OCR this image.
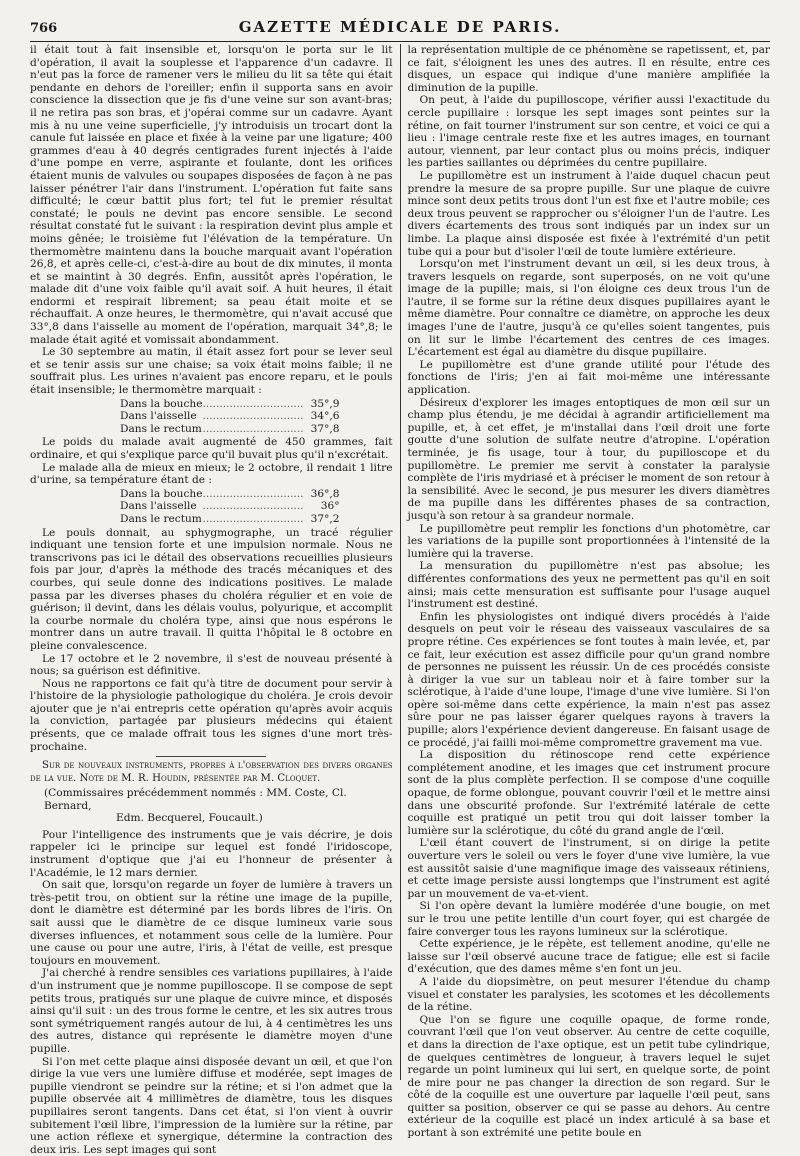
766	GAZETTE MÉDICALE DE PARIS.

il était tout à fait insensible et, lorsqu'on le porta sur le lit d'opération, il avait la souplesse et l'apparence d'un cadavre. Il n'eut pas la force de ramener vers le milieu du lit sa tête qui était pendante en dehors de l'oreiller; enfin il supporta sans en avoir conscience la dissection que je fis d'une veine sur son avant-bras; il ne retira pas son bras, et j'opérai comme sur un cadavre. Ayant mis à nu une veine superficielle, j'y introduisis un trocart dont la canule fut laissée en place et fixée à la veine par une ligature; 400 grammes d'eau à 40 degrés centigrades furent injectés à l'aide d'une pompe en verre, aspirante et foulante, dont les orifices étaient munis de valvules ou soupapes disposées de façon à ne pas laisser pénétrer l'air dans l'instrument. L'opération fut faite sans difficulté; le cœur battit plus fort; tel fut le premier résultat constaté; le pouls ne devint pas encore sensible. Le second résultat constaté fut le suivant : la respiration devint plus ample et moins gênée; le troisième fut l'élévation de la température. Un thermomètre maintenu dans la bouche marquait avant l'opération 26,8, et après celle-ci, c'est-à-dire au bout de dix minutes, il monta et se maintint à 30 degrés. Enfin, aussitôt après l'opération, le malade dit d'une voix faible qu'il avait soif. A huit heures, il était endormi et respirait librement; sa peau était moite et se réchauffait. A onze heures, le thermomètre, qui n'avait accusé que 33°,8 dans l'aisselle au moment de l'opération, marquait 34°,8; le malade était agité et vomissait abondamment.

Le 30 septembre au matin, il était assez fort pour se lever seul et se tenir assis sur une chaise; sa voix était moins faible; il ne souffrait plus. Les urines n'avaient pas encore reparu, et le pouls était insensible; le thermomètre marquait :

Dans la bouche	..............................	35°,9
Dans l'aisselle	..............................	34°,6
Dans le rectum	..............................	37°,8

Le poids du malade avait augmenté de 450 grammes, fait ordinaire, et qui s'explique parce qu'il buvait plus qu'il n'excrétait.

Le malade alla de mieux en mieux; le 2 octobre, il rendait 1 litre d'urine, sa température étant de :

Dans la bouche	..............................	36°,8
Dans l'aisselle	..............................	36°
Dans le rectum	..............................	37°,2

Le pouls donnait, au sphygmographe, un tracé régulier indiquant une tension forte et une impulsion normale. Nous ne transcrivons pas ici le détail des observations recueillies plusieurs fois par jour, d'après la méthode des tracés mécaniques et des courbes, qui seule donne des indications positives. Le malade passa par les diverses phases du choléra régulier et en voie de guérison; il devint, dans les délais voulus, polyurique, et accomplit la courbe normale du choléra type, ainsi que nous espérons le montrer dans un autre travail. Il quitta l'hôpital le 8 octobre en pleine convalescence.

Le 17 octobre et le 2 novembre, il s'est de nouveau présenté à nous; sa guérison est définitive.

Nous ne rapportons ce fait qu'à titre de document pour servir à l'histoire de la physiologie pathologique du choléra. Je crois devoir ajouter que je n'ai entrepris cette opération qu'après avoir acquis la conviction, partagée par plusieurs médecins qui étaient présents, que ce malade offrait tous les signes d'une mort très-prochaine.

Sur de nouveaux instruments, propres à l'observation des divers organes de la vue. Note de M. R. Houdin, présentée par M. Cloquet.

(Commissaires précédemment nommés : MM. Coste, Cl. Bernard,
Edm. Becquerel, Foucault.)

Pour l'intelligence des instruments que je vais décrire, je dois rappeler ici le principe sur lequel est fondé l'iridoscope, instrument d'optique que j'ai eu l'honneur de présenter à l'Académie, le 12 mars dernier.

On sait que, lorsqu'on regarde un foyer de lumière à travers un très-petit trou, on obtient sur la rétine une image de la pupille, dont le diamètre est déterminé par les bords libres de l'iris. On sait aussi que le diamètre de ce disque lumineux varie sous diverses influences, et notamment sous celle de la lumière. Pour une cause ou pour une autre, l'iris, à l'état de veille, est presque toujours en mouvement.

J'ai cherché à rendre sensibles ces variations pupillaires, à l'aide d'un instrument que je nomme pupilloscope. Il se compose de sept petits trous, pratiqués sur une plaque de cuivre mince, et disposés ainsi qu'il suit : un des trous forme le centre, et les six autres trous sont symétriquement rangés autour de lui, à 4 centimètres les uns des autres, distance qui représente le diamètre moyen d'une pupille.

Si l'on met cette plaque ainsi disposée devant un œil, et que l'on dirige la vue vers une lumière diffuse et modérée, sept images de pupille viendront se peindre sur la rétine; et si l'on admet que la pupille observée ait 4 millimètres de diamètre, tous les disques pupillaires seront tangents. Dans cet état, si l'on vient à ouvrir subitement l'œil libre, l'impression de la lumière sur la rétine, par une action réflexe et synergique, détermine la contraction des deux iris. Les sept images qui sont

la représentation multiple de ce phénomène se rapetissent, et, par ce fait, s'éloignent les unes des autres. Il en résulte, entre ces disques, un espace qui indique d'une manière amplifiée la diminution de la pupille.

On peut, à l'aide du pupilloscope, vérifier aussi l'exactitude du cercle pupillaire : lorsque les sept images sont peintes sur la rétine, on fait tourner l'instrument sur son centre, et voici ce qui a lieu : l'image centrale reste fixe et les autres images, en tournant autour, viennent, par leur contact plus ou moins précis, indiquer les parties saillantes ou déprimées du centre pupillaire.

Le pupillomètre est un instrument à l'aide duquel chacun peut prendre la mesure de sa propre pupille. Sur une plaque de cuivre mince sont deux petits trous dont l'un est fixe et l'autre mobile; ces deux trous peuvent se rapprocher ou s'éloigner l'un de l'autre. Les divers écartements des trous sont indiqués par un index sur un limbe. La plaque ainsi disposée est fixée à l'extrémité d'un petit tube qui a pour but d'isoler l'œil de toute lumière extérieure.

Lorsqu'on met l'instrument devant un œil, si les deux trous, à travers lesquels on regarde, sont superposés, on ne voit qu'une image de la pupille; mais, si l'on éloigne ces deux trous l'un de l'autre, il se forme sur la rétine deux disques pupillaires ayant le même diamètre. Pour connaître ce diamètre, on approche les deux images l'une de l'autre, jusqu'à ce qu'elles soient tangentes, puis on lit sur le limbe l'écartement des centres de ces images. L'écartement est égal au diamètre du disque pupillaire.

Le pupillomètre est d'une grande utilité pour l'étude des fonctions de l'iris; j'en ai fait moi-même une intéressante application.

Désireux d'explorer les images entoptiques de mon œil sur un champ plus étendu, je me décidai à agrandir artificiellement ma pupille, et, à cet effet, je m'installai dans l'œil droit une forte goutte d'une solution de sulfate neutre d'atropine. L'opération terminée, je fis usage, tour à tour, du pupilloscope et du pupillomètre. Le premier me servit à constater la paralysie complète de l'iris mydriasé et à préciser le moment de son retour à la sensibilité. Avec le second, je pus mesurer les divers diamètres de ma pupille dans les différentes phases de sa contraction, jusqu'à son retour à sa grandeur normale.

Le pupillomètre peut remplir les fonctions d'un photomètre, car les variations de la pupille sont proportionnées à l'intensité de la lumière qui la traverse.

La mensuration du pupillomètre n'est pas absolue; les différentes conformations des yeux ne permettent pas qu'il en soit ainsi; mais cette mensuration est suffisante pour l'usage auquel l'instrument est destiné.

Enfin les physiologistes ont indiqué divers procédés à l'aide desquels on peut voir le réseau des vaisseaux vasculaires de sa propre rétine. Ces expériences se font toutes à main levée, et, par ce fait, leur exécution est assez difficile pour qu'un grand nombre de personnes ne puissent les réussir. Un de ces procédés consiste à diriger la vue sur un tableau noir et à faire tomber sur la sclérotique, à l'aide d'une loupe, l'image d'une vive lumière. Si l'on opère soi-même dans cette expérience, la main n'est pas assez sûre pour ne pas laisser égarer quelques rayons à travers la pupille; alors l'expérience devient dangereuse. En faisant usage de ce procédé, j'ai failli moi-même compromettre gravement ma vue.

La disposition du rétinoscope rend cette expérience complétement anodine, et les images que cet instrument procure sont de la plus complète perfection. Il se compose d'une coquille opaque, de forme oblongue, pouvant couvrir l'œil et le mettre ainsi dans une obscurité profonde. Sur l'extrémité latérale de cette coquille est pratiqué un petit trou qui doit laisser tomber la lumière sur la sclérotique, du côté du grand angle de l'œil.

L'œil étant couvert de l'instrument, si on dirige la petite ouverture vers le soleil ou vers le foyer d'une vive lumière, la vue est aussitôt saisie d'une magnifique image des vaisseaux rétiniens, et cette image persiste aussi longtemps que l'instrument est agité par un mouvement de va-et-vient.

Si l'on opère devant la lumière modérée d'une bougie, on met sur le trou une petite lentille d'un court foyer, qui est chargée de faire converger tous les rayons lumineux sur la sclérotique.

Cette expérience, je le répète, est tellement anodine, qu'elle ne laisse sur l'œil observé aucune trace de fatigue; elle est si facile d'exécution, que des dames même s'en font un jeu.

A l'aide du diopsimètre, on peut mesurer l'étendue du champ visuel et constater les paralysies, les scotomes et les décollements de la rétine.

Que l'on se figure une coquille opaque, de forme ronde, couvrant l'œil que l'on veut observer. Au centre de cette coquille, et dans la direction de l'axe optique, est un petit tube cylindrique, de quelques centimètres de longueur, à travers lequel le sujet regarde un point lumineux qui lui sert, en quelque sorte, de point de mire pour ne pas changer la direction de son regard. Sur le côté de la coquille est une ouverture par laquelle l'œil peut, sans quitter sa position, observer ce qui se passe au dehors. Au centre extérieur de la coquille est placé un index articulé à sa base et portant à son extrémité une petite boule en
